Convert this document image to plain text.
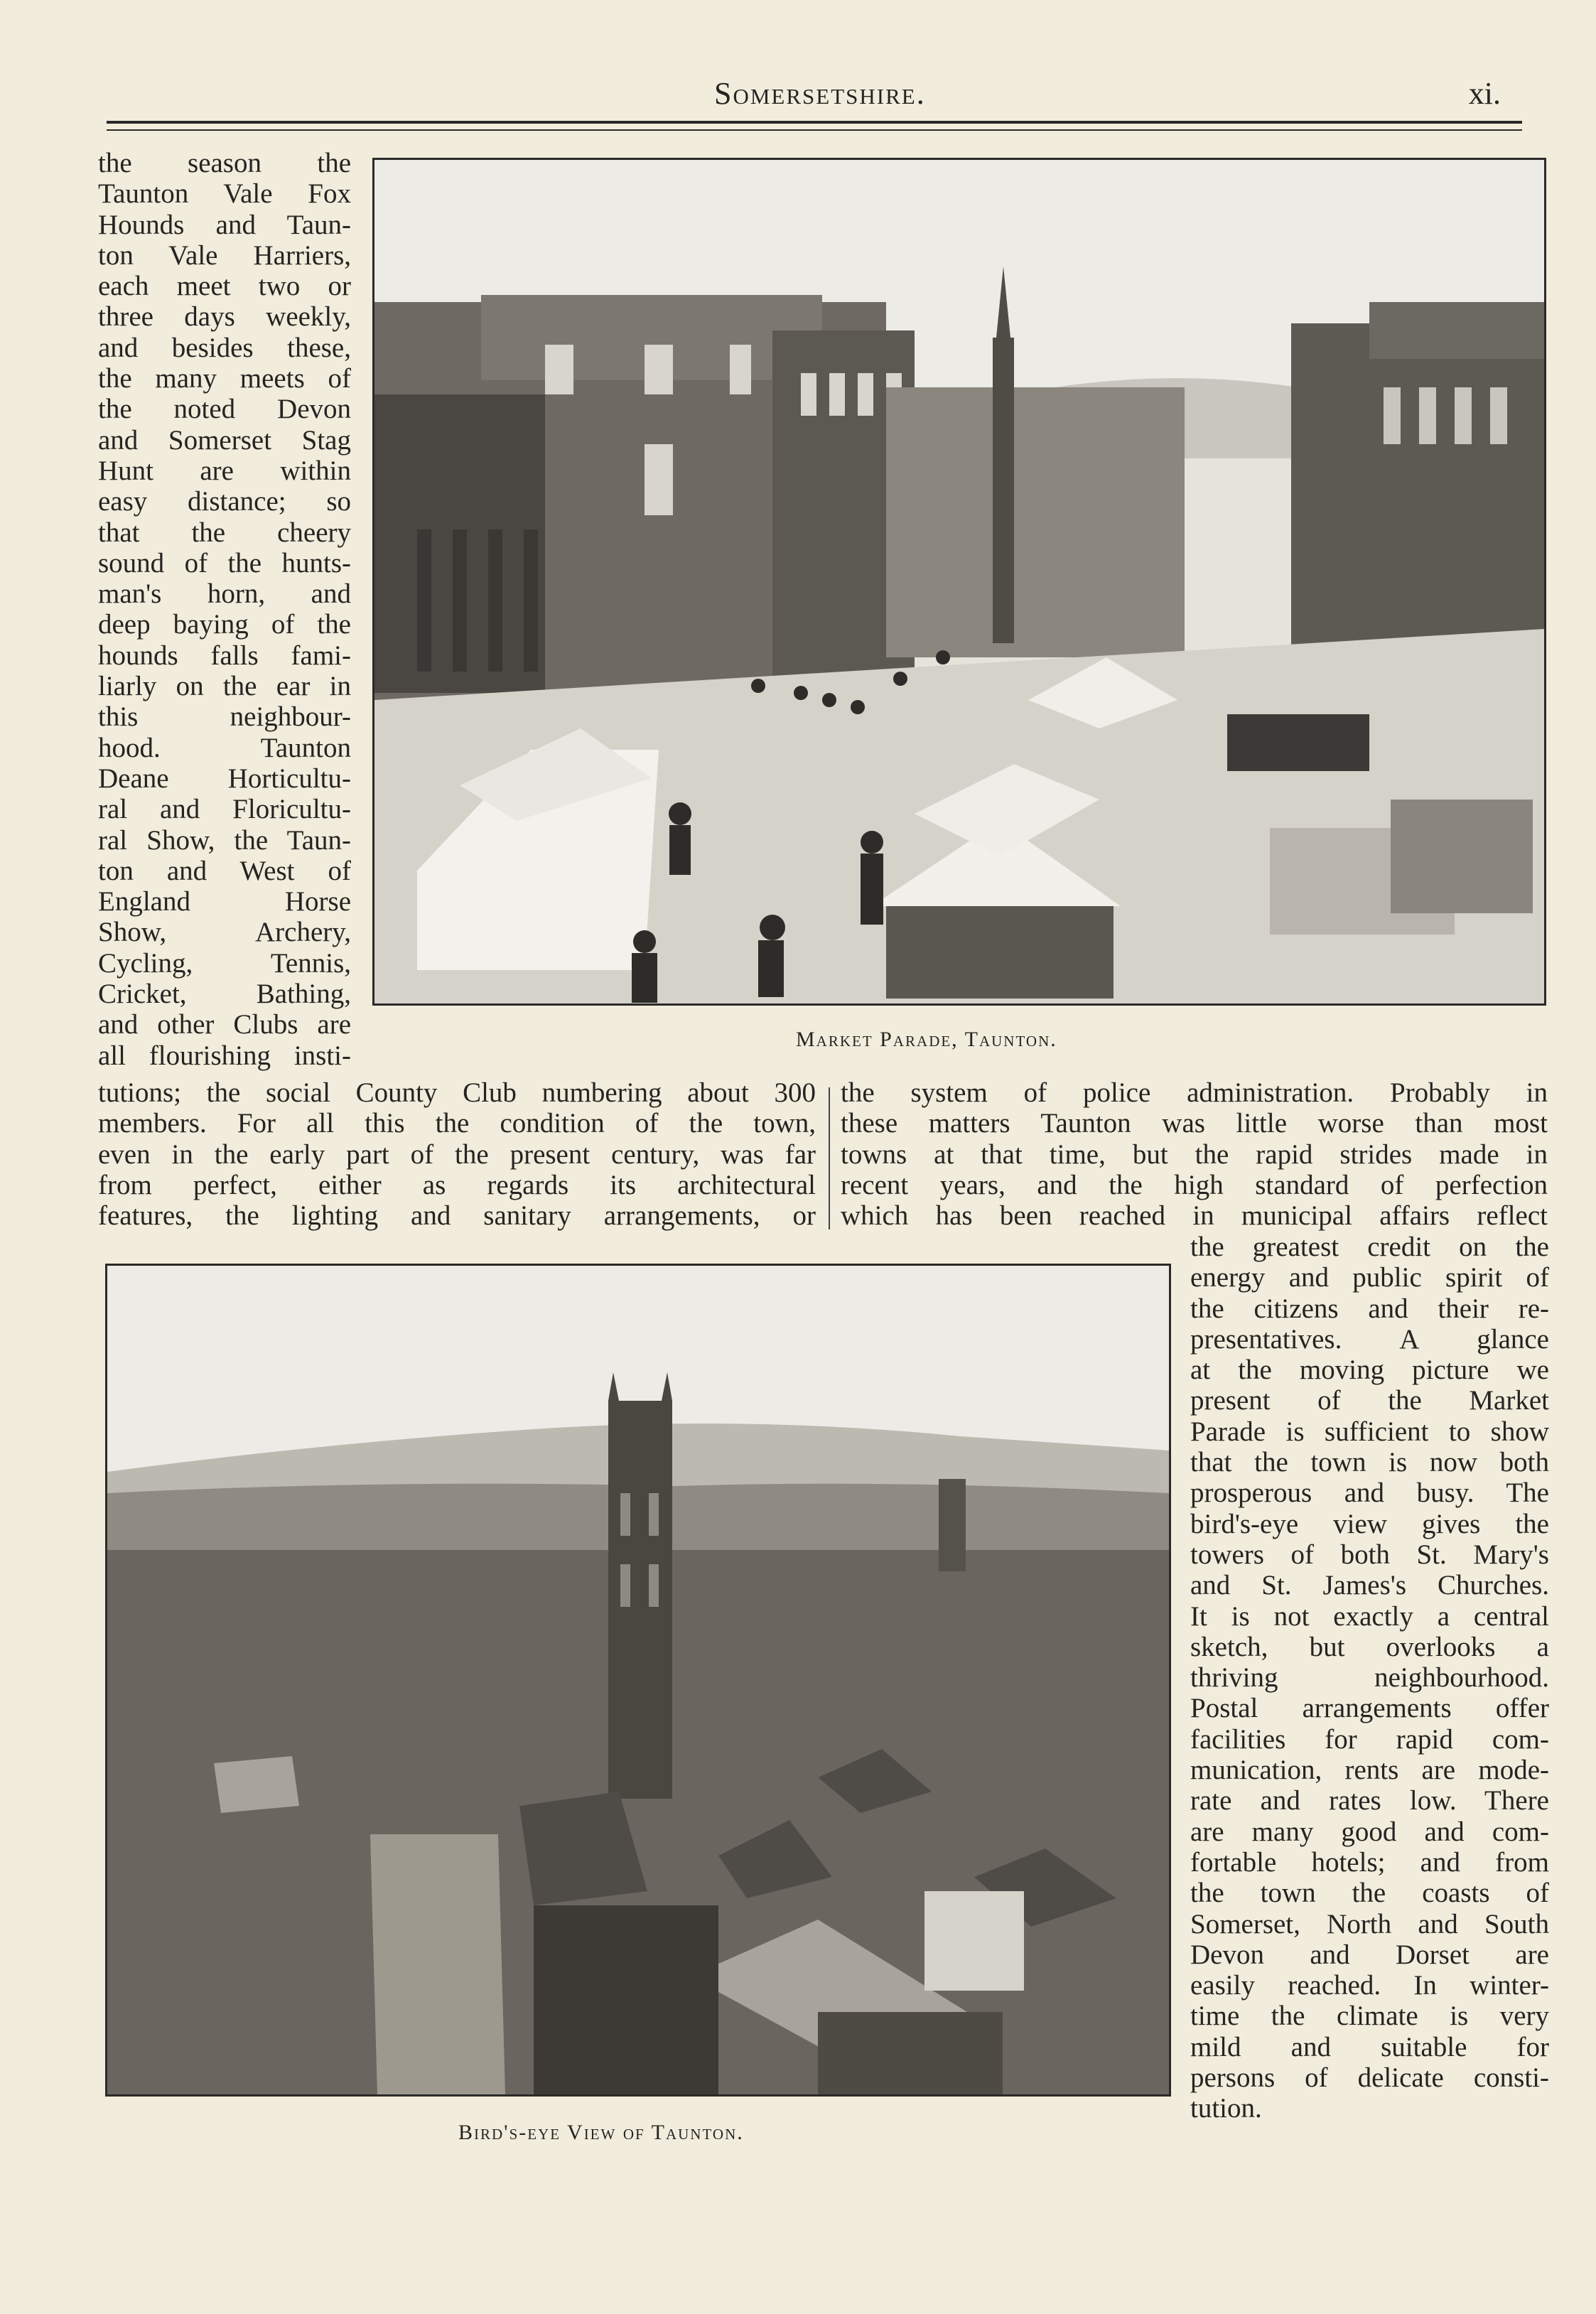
Somersetshire.	xi.
the season the
Taunton Vale Fox
Hounds and Taun-
ton Vale Harriers,
each meet two or
three days weekly,
and besides these,
the many meets of
the noted Devon
and Somerset Stag
Hunt are within
easy distance; so
that the cheery
sound of the hunts-
man's horn, and
deep baying of the
hounds falls fami-
liarly on the ear in
this neighbour-
hood. Taunton
Deane Horticultu-
ral and Floricultu-
ral Show, the Taun-
ton and West of
England Horse
Show, Archery,
Cycling, Tennis,
Cricket, Bathing,
and other Clubs are
all flourishing insti-
Market Parade, Taunton.
tutions; the social County Club numbering about 300
members. For all this the condition of the town,
even in the early part of the present century, was far
from perfect, either as regards its architectural
features, the lighting and sanitary arrangements, or
the system of police administration. Probably in
these matters Taunton was little worse than most
towns at that time, but the rapid strides made in
recent years, and the high standard of perfection
which has been reached in municipal affairs reflect
Bird's-eye View of Taunton.
the greatest credit on the
energy and public spirit of
the citizens and their re-
presentatives. A glance
at the moving picture we
present of the Market
Parade is sufficient to show
that the town is now both
prosperous and busy. The
bird's-eye view gives the
towers of both St. Mary's
and St. James's Churches.
It is not exactly a central
sketch, but overlooks a
thriving neighbourhood.
Postal arrangements offer
facilities for rapid com-
munication, rents are mode-
rate and rates low. There
are many good and com-
fortable hotels; and from
the town the coasts of
Somerset, North and South
Devon and Dorset are
easily reached. In winter-
time the climate is very
mild and suitable for
persons of delicate consti-
tution.
